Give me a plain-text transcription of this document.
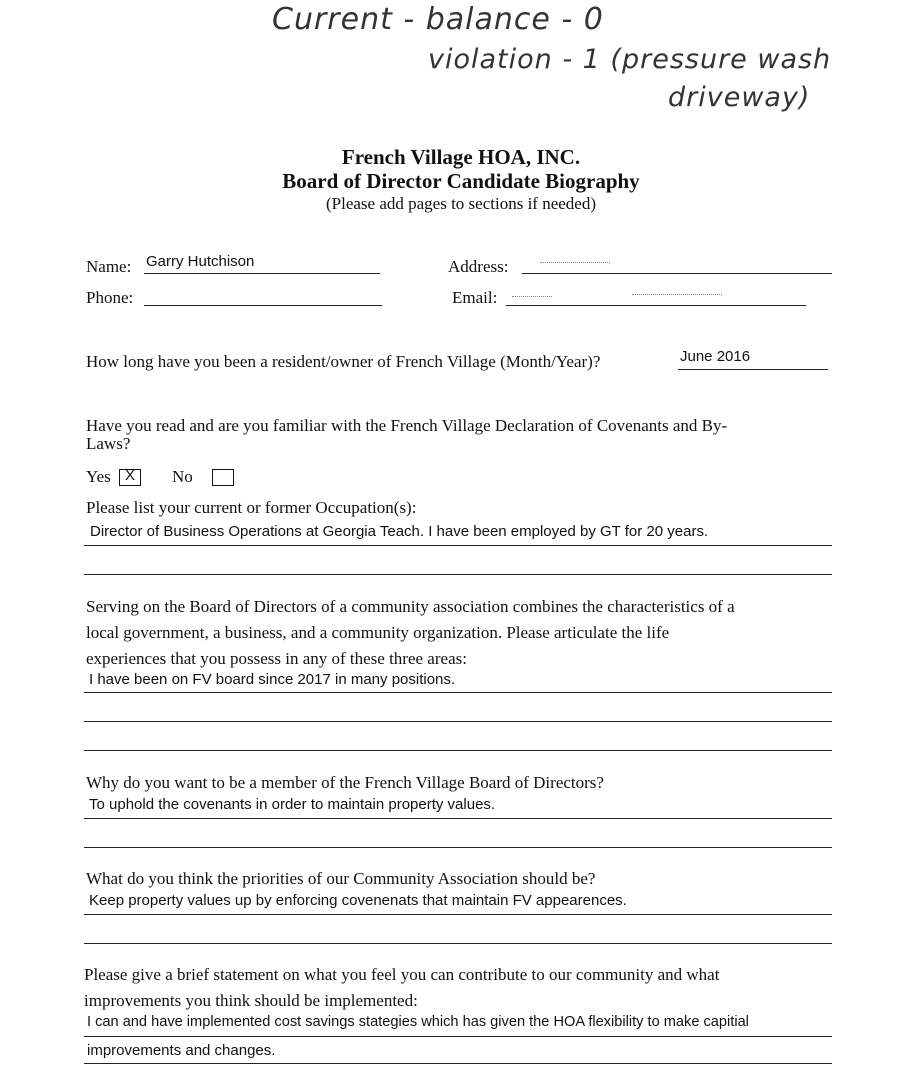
Current - balance - 0
violation - 1 (pressure wash
driveway)
French Village HOA, INC.
Board of Director Candidate Biography
(Please add pages to sections if needed)
Name: Garry Hutchison	Address:
Phone:	Email:
How long have you been a resident/owner of French Village (Month/Year)?	June 2016
Have you read and are you familiar with the French Village Declaration of Covenants and By-
Laws?
Yes X No
Please list your current or former Occupation(s):
Director of Business Operations at Georgia Teach. I have been employed by GT for 20 years.
Serving on the Board of Directors of a community association combines the characteristics of a
local government, a business, and a community organization. Please articulate the life
experiences that you possess in any of these three areas:
I have been on FV board since 2017 in many positions.
Why do you want to be a member of the French Village Board of Directors?
To uphold the covenants in order to maintain property values.
What do you think the priorities of our Community Association should be?
Keep property values up by enforcing covenenats that maintain FV appearences.
Please give a brief statement on what you feel you can contribute to our community and what
improvements you think should be implemented:
I can and have implemented cost savings stategies which has given the HOA flexibility to make capitial
improvements and changes.
